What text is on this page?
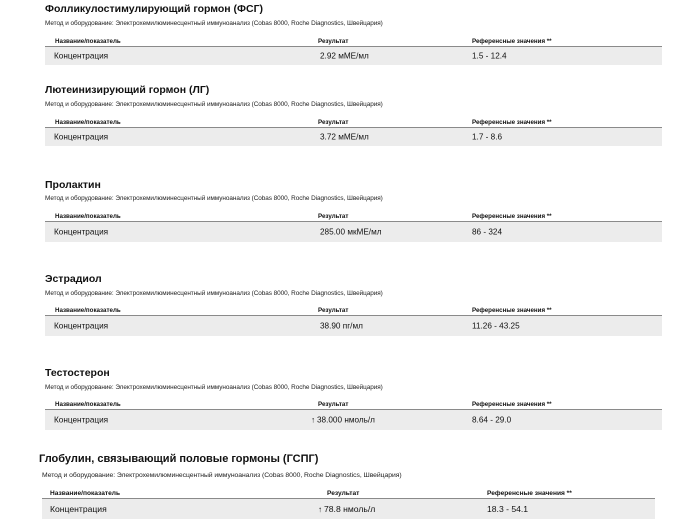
Фолликулостимулирующий гормон (ФСГ)
Метод и оборудование: Электрохемилюминесцентный иммуноанализ (Cobas 8000, Roche Diagnostics, Швейцария)
Название/показатель	Результат	Референсные значения **
Концентрация	2.92 мМЕ/мл	1.5 - 12.4
Лютеинизирующий гормон (ЛГ)
Метод и оборудование: Электрохемилюминесцентный иммуноанализ (Cobas 8000, Roche Diagnostics, Швейцария)
Название/показатель	Результат	Референсные значения **
Концентрация	3.72 мМЕ/мл	1.7 - 8.6
Пролактин
Метод и оборудование: Электрохемилюминесцентный иммуноанализ (Cobas 8000, Roche Diagnostics, Швейцария)
Название/показатель	Результат	Референсные значения **
Концентрация	285.00 мкМЕ/мл	86 - 324
Эстрадиол
Метод и оборудование: Электрохемилюминесцентный иммуноанализ (Cobas 8000, Roche Diagnostics, Швейцария)
Название/показатель	Результат	Референсные значения **
Концентрация	38.90 пг/мл	11.26 - 43.25
Тестостерон
Метод и оборудование: Электрохемилюминесцентный иммуноанализ (Cobas 8000, Roche Diagnostics, Швейцария)
Название/показатель	Результат	Референсные значения **
Концентрация	↑ 38.000 нмоль/л	8.64 - 29.0
Глобулин, связывающий половые гормоны (ГСПГ)
Метод и оборудование: Электрохемилюминесцентный иммуноанализ (Cobas 8000, Roche Diagnostics, Швейцария)
Название/показатель	Результат	Референсные значения **
Концентрация	↑ 78.8 нмоль/л	18.3 - 54.1
